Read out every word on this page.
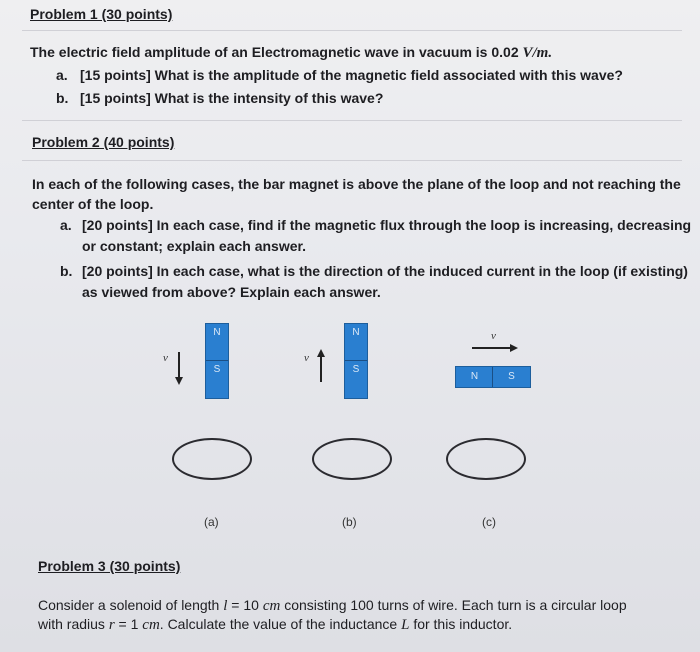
Problem 1 (30 points)
The electric field amplitude of an Electromagnetic wave in vacuum is 0.02 V/m.
a. [15 points] What is the amplitude of the magnetic field associated with this wave?
b. [15 points] What is the intensity of this wave?
Problem 2 (40 points)
In each of the following cases, the bar magnet is above the plane of the loop and not reaching the
center of the loop.
a. [20 points] In each case, find if the magnetic flux through the loop is increasing, decreasing
or constant; explain each answer.
b. [20 points] In each case, what is the direction of the induced current in the loop (if existing)
as viewed from above? Explain each answer.
v
N
S
(a)
v
N
S
(b)
v
N	S
(c)
Problem 3 (30 points)
Consider a solenoid of length l = 10 cm consisting 100 turns of wire. Each turn is a circular loop
with radius r = 1 cm. Calculate the value of the inductance L for this inductor.
